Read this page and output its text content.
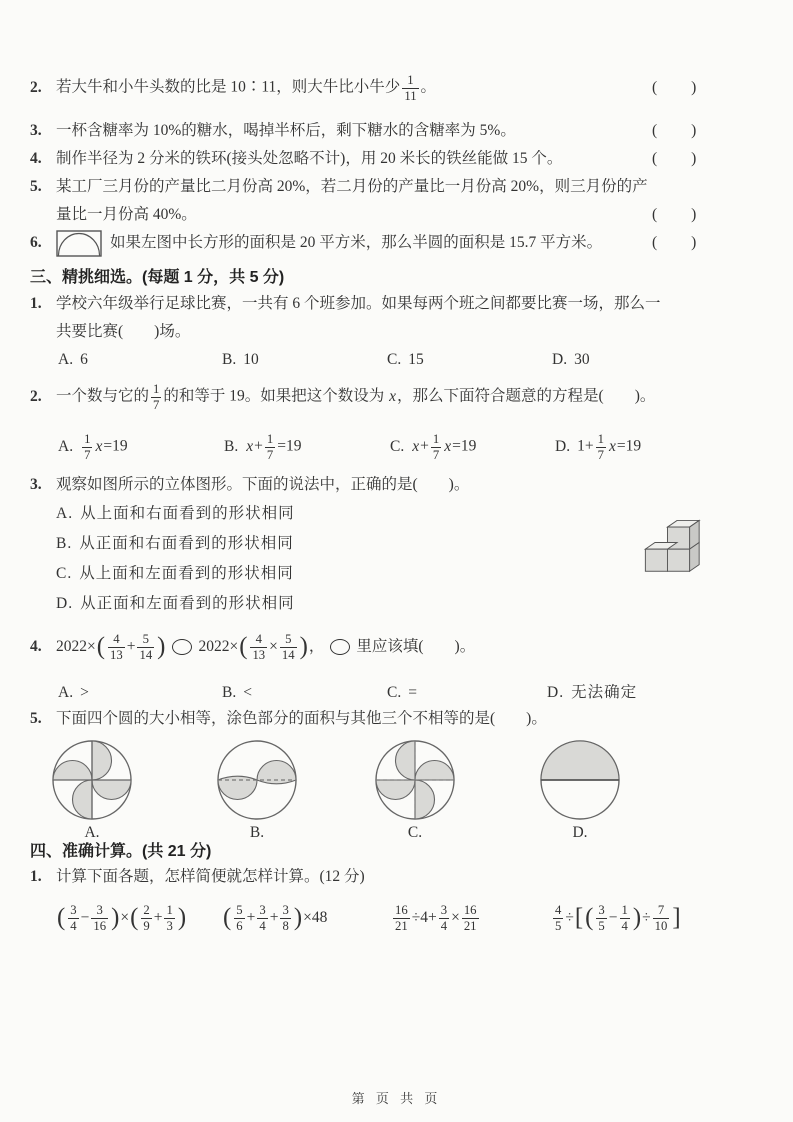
2. 若大牛和小牛头数的比是 10∶11，则大牛比小牛少 $\frac{1}{11}$ 。	(　　)
3. 一杯含糖率为 10%的糖水，喝掉半杯后，剩下糖水的含糖率为 5%。	(　　)
4. 制作半径为 2 分米的铁环(接头处忽略不计)，用 20 米长的铁丝能做 15 个。	(　　)
5. 某工厂三月份的产量比二月份高 20%，若二月份的产量比一月份高 20%，则三月份的产
量比一月份高 40%。	(　　)
6.	如果左图中长方形的面积是 20 平方米，那么半圆的面积是 15.7 平方米。	(　　)
三、精挑细选。(每题 1 分，共 5 分)
1. 学校六年级举行足球比赛，一共有 6 个班参加。如果每两个班之间都要比赛一场，那么一
共要比赛(　　)场。
A. 6	B. 10	C. 15	D. 30
2. 一个数与它的 $\frac{1}{7}$ 的和等于 19。如果把这个数设为 x，那么下面符合题意的方程是(　　)。
A. $\frac{1}{7} x=19$	B. $x+ \frac{1}{7} =19$	C. $x+ \frac{1}{7} x=19$	D. $1+ \frac{1}{7} x=19$
3. 观察如图所示的立体图形。下面的说法中，正确的是(　　)。
A. 从上面和右面看到的形状相同
B. 从正面和右面看到的形状相同
C. 从上面和左面看到的形状相同
D. 从正面和左面看到的形状相同
4. 2022× ( $\frac{4}{13} + \frac{5}{14}$ ) 2022× ( $\frac{4}{13} \times \frac{5}{14}$ ) ， 里应该填(　　)。
A. >	B. <	C. =	D. 无法确定
5. 下面四个圆的大小相等，涂色部分的面积与其他三个不相等的是(　　)。
A.	B.	C.	D.
四、准确计算。(共 21 分)
1. 计算下面各题，怎样简便就怎样计算。(12 分)
( $\frac{3}{4} - \frac{3}{16}$ ) × ( $\frac{2}{9} + \frac{1}{3}$ ) ( $\frac{5}{6} + \frac{3}{4} + \frac{3}{8}$ ) ×48	$\frac{16}{21} \div 4+ \frac{3}{4} \times \frac{16}{21}$	$\frac{4}{5}$ ÷ [ ( $\frac{3}{5} - \frac{1}{4}$ ) ÷ $\frac{7}{10}$ ]
第 页 共 页
